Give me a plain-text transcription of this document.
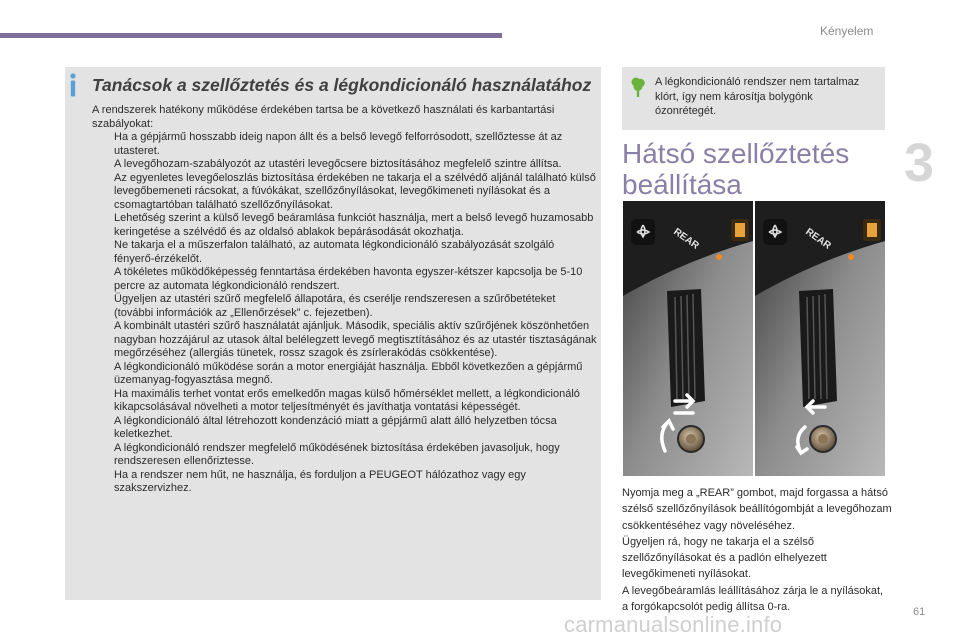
Kényelem
3
Tanácsok a szellőztetés és a légkondicionáló használatához

A rendszerek hatékony működése érdekében tartsa be a következő használati és karbantartási szabályokat:

Ha a gépjármű hosszabb ideig napon állt és a belső levegő felforrósodott, szellőztesse át az utasteret.
A levegőhozam-szabályozót az utastéri levegőcsere biztosításához megfelelő szintre állítsa.
Az egyenletes levegőeloszlás biztosítása érdekében ne takarja el a szélvédő aljánál található külső levegőbemeneti rácsokat, a fúvókákat, szellőzőnyílásokat, levegőkimeneti nyílásokat és a csomagtartóban található szellőzőnyílásokat.
Lehetőség szerint a külső levegő beáramlása funkciót használja, mert a belső levegő huzamosabb keringetése a szélvédő és az oldalsó ablakok bepárásodását okozhatja.
Ne takarja el a műszerfalon található, az automata légkondicionáló szabályozását szolgáló fényerő-érzékelőt.
A tökéletes működőképesség fenntartása érdekében havonta egyszer-kétszer kapcsolja be 5-10 percre az automata légkondicionáló rendszert.
Ügyeljen az utastéri szűrő megfelelő állapotára, és cserélje rendszeresen a szűrőbetéteket (további információk az „Ellenőrzések” c. fejezetben).
A kombinált utastéri szűrő használatát ajánljuk. Második, speciális aktív szűrőjének köszönhetően nagyban hozzájárul az utasok által belélegzett levegő megtisztításához és az utastér tisztaságának megőrzéséhez (allergiás tünetek, rossz szagok és zsírlerakódás csökkentése).
A légkondicionáló működése során a motor energiáját használja. Ebből következően a gépjármű üzemanyag-fogyasztása megnő.
Ha maximális terhet vontat erős emelkedőn magas külső hőmérséklet mellett, a légkondicionáló kikapcsolásával növelheti a motor teljesítményét és javíthatja vontatási képességét.
A légkondicionáló által létrehozott kondenzáció miatt a gépjármű alatt álló helyzetben tócsa keletkezhet.
A légkondicionáló rendszer megfelelő működésének biztosítása érdekében javasoljuk, hogy rendszeresen ellenőriztesse.
Ha a rendszer nem hűt, ne használja, és forduljon a PEUGEOT hálózathoz vagy egy szakszervizhez.
A légkondicionáló rendszer nem tartalmaz klórt, így nem károsítja bolygónk ózonrétegét.
Hátsó szellőztetés beállítása
REAR	REAR

Nyomja meg a „REAR” gombot, majd forgassa a hátsó szélső szellőzőnyílások beállítógombját a levegőhozam csökkentéséhez vagy növeléséhez.

Ügyeljen rá, hogy ne takarja el a szélső szellőzőnyílásokat és a padlón elhelyezett levegőkimeneti nyílásokat.

A levegőbeáramlás leállításához zárja le a nyílásokat, a forgókapcsolót pedig állítsa 0-ra.	61
carmanualsonline.info
